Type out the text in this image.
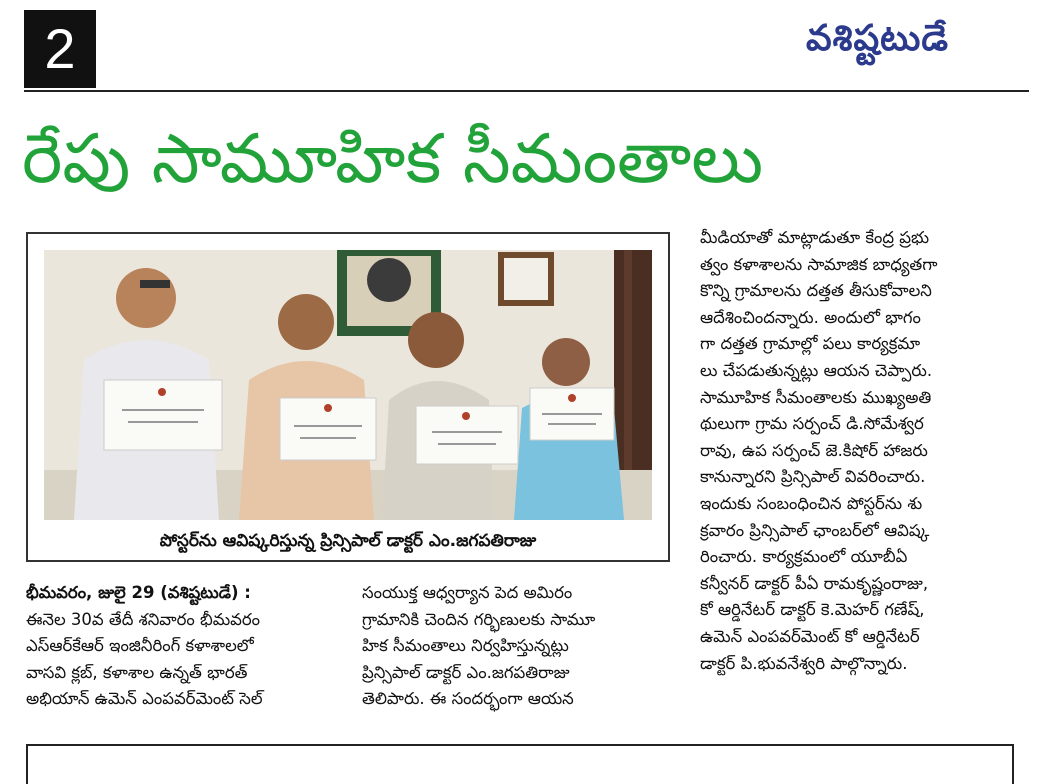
2	వశిష్టటుడే
రేపు సామూహిక సీమంతాలు
పోస్టర్‌ను ఆవిష్కరిస్తున్న ప్రిన్సిపాల్ డాక్టర్ ఎం.జగపతిరాజు
మీడియాతో మాట్లాడుతూ కేంద్ర ప్రభు
త్వం కళాశాలను సామాజిక బాధ్యతగా
కొన్ని గ్రామాలను దత్తత తీసుకోవాలని
ఆదేశించిందన్నారు. అందులో భాగం
గా దత్తత గ్రామాల్లో పలు కార్యక్రమా
లు చేపడుతున్నట్లు ఆయన చెప్పారు.
సామూహిక సీమంతాలకు ముఖ్యఅతి
థులుగా గ్రామ సర్పంచ్ డి.సోమేశ్వర
రావు, ఉప సర్పంచ్ జె.కిషోర్ హాజరు
కానున్నారని ప్రిన్సిపాల్ వివరించారు.
ఇందుకు సంబంధించిన పోస్టర్‌ను శు
క్రవారం ప్రిన్సిపాల్ ఛాంబర్‌లో ఆవిష్క
రించారు. కార్యక్రమంలో యూబీఏ
కన్వీనర్ డాక్టర్ పీఏ రామకృష్ణంరాజు,
కో ఆర్డినేటర్ డాక్టర్ కె.మెహర్ గణేష్,
ఉమెన్ ఎంపవర్‌మెంట్ కో ఆర్డినేటర్
డాక్టర్ పి.భువనేశ్వరి పాల్గొన్నారు.
భీమవరం, జులై 29 (వశిష్టటుడే) :
ఈనెల 30వ తేదీ శనివారం భీమవరం
ఎస్ఆర్‌కేఆర్ ఇంజినీరింగ్ కళాశాలలో
వాసవి క్లబ్, కళాశాల ఉన్నత్ భారత్
అభియాన్ ఉమెన్ ఎంపవర్‌మెంట్ సెల్
సంయుక్త ఆధ్వర్యాన పెద అమిరం
గ్రామానికి చెందిన గర్భిణులకు సామూ
హిక సీమంతాలు నిర్వహిస్తున్నట్లు
ప్రిన్సిపాల్ డాక్టర్ ఎం.జగపతిరాజు
తెలిపారు. ఈ సందర్భంగా ఆయన
